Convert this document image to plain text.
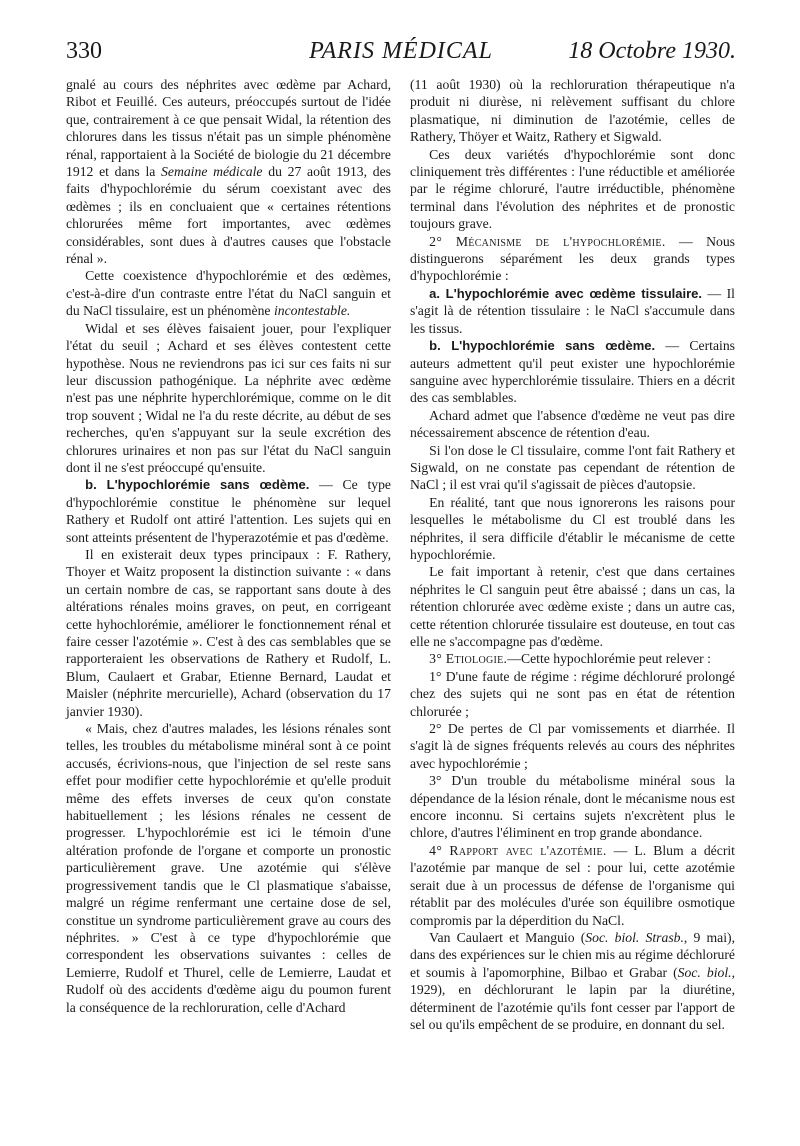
330	PARIS MÉDICAL	18 Octobre 1930.

gnalé au cours des néphrites avec œdème par Achard, Ribot et Feuillé. Ces auteurs, préoccupés surtout de l'idée que, contrairement à ce que pensait Widal, la rétention des chlorures dans les tissus n'était pas un simple phénomène rénal, rapportaient à la Société de biologie du 21 décembre 1912 et dans la Semaine médicale du 27 août 1913, des faits d'hypochlorémie du sérum coexistant avec des œdèmes ; ils en concluaient que « certaines rétentions chlorurées même fort importantes, avec œdèmes considérables, sont dues à d'autres causes que l'obstacle rénal ».

Cette coexistence d'hypochlorémie et des œdèmes, c'est-à-dire d'un contraste entre l'état du NaCl sanguin et du NaCl tissulaire, est un phénomène incontestable.

Widal et ses élèves faisaient jouer, pour l'expliquer l'état du seuil ; Achard et ses élèves contestent cette hypothèse. Nous ne reviendrons pas ici sur ces faits ni sur leur discussion pathogénique. La néphrite avec œdème n'est pas une néphrite hyperchlorémique, comme on le dit trop souvent ; Widal ne l'a du reste décrite, au début de ses recherches, qu'en s'appuyant sur la seule excrétion des chlorures urinaires et non pas sur l'état du NaCl sanguin dont il ne s'est préoccupé qu'ensuite.

b. L'hypochlorémie sans œdème. — Ce type d'hypochlorémie constitue le phénomène sur lequel Rathery et Rudolf ont attiré l'attention. Les sujets qui en sont atteints présentent de l'hyperazotémie et pas d'œdème.

Il en existerait deux types principaux : F. Rathery, Thoyer et Waitz proposent la distinction suivante : « dans un certain nombre de cas, se rapportant sans doute à des altérations rénales moins graves, on peut, en corrigeant cette hyhochlorémie, améliorer le fonctionnement rénal et faire cesser l'azotémie ». C'est à des cas semblables que se rapporteraient les observations de Rathery et Rudolf, L. Blum, Caulaert et Grabar, Etienne Bernard, Laudat et Maisler (néphrite mercurielle), Achard (observation du 17 janvier 1930).

« Mais, chez d'autres malades, les lésions rénales sont telles, les troubles du métabolisme minéral sont à ce point accusés, écrivions-nous, que l'injection de sel reste sans effet pour modifier cette hypochlorémie et qu'elle produit même des effets inverses de ceux qu'on constate habituellement ; les lésions rénales ne cessent de progresser. L'hypochlorémie est ici le témoin d'une altération profonde de l'organe et comporte un pronostic particulièrement grave. Une azotémie qui s'élève progressivement tandis que le Cl plasmatique s'abaisse, malgré un régime renfermant une certaine dose de sel, constitue un syndrome particulièrement grave au cours des néphrites. » C'est à ce type d'hypochlorémie que correspondent les observations suivantes : celles de Lemierre, Rudolf et Thurel, celle de Lemierre, Laudat et Rudolf où des accidents d'œdème aigu du poumon furent la conséquence de la rechloruration, celle d'Achard

(11 août 1930) où la rechloruration thérapeutique n'a produit ni diurèse, ni relèvement suffisant du chlore plasmatique, ni diminution de l'azotémie, celles de Rathery, Thöyer et Waitz, Rathery et Sigwald.

Ces deux variétés d'hypochlorémie sont donc cliniquement très différentes : l'une réductible et améliorée par le régime chloruré, l'autre irréductible, phénomène terminal dans l'évolution des néphrites et de pronostic toujours grave.

2° Mécanisme de l'hypochlorémie. — Nous distinguerons séparément les deux grands types d'hypochlorémie :

a. L'hypochlorémie avec œdème tissulaire. — Il s'agit là de rétention tissulaire : le NaCl s'accumule dans les tissus.

b. L'hypochlorémie sans œdème. — Certains auteurs admettent qu'il peut exister une hypochlorémie sanguine avec hyperchlorémie tissulaire. Thiers en a décrit des cas semblables.

Achard admet que l'absence d'œdème ne veut pas dire nécessairement abscence de rétention d'eau.

Si l'on dose le Cl tissulaire, comme l'ont fait Rathery et Sigwald, on ne constate pas cependant de rétention de NaCl ; il est vrai qu'il s'agissait de pièces d'autopsie.

En réalité, tant que nous ignorerons les raisons pour lesquelles le métabolisme du Cl est troublé dans les néphrites, il sera difficile d'établir le mécanisme de cette hypochlorémie.

Le fait important à retenir, c'est que dans certaines néphrites le Cl sanguin peut être abaissé ; dans un cas, la rétention chlorurée avec œdème existe ; dans un autre cas, cette rétention chlorurée tissulaire est douteuse, en tout cas elle ne s'accompagne pas d'œdème.

3° Etiologie.—Cette hypochlorémie peut relever :

1° D'une faute de régime : régime déchloruré prolongé chez des sujets qui ne sont pas en état de rétention chlorurée ;

2° De pertes de Cl par vomissements et diarrhée. Il s'agit là de signes fréquents relevés au cours des néphrites avec hypochlorémie ;

3° D'un trouble du métabolisme minéral sous la dépendance de la lésion rénale, dont le mécanisme nous est encore inconnu. Si certains sujets n'excrètent plus le chlore, d'autres l'éliminent en trop grande abondance.

4° Rapport avec l'azotémie. — L. Blum a décrit l'azotémie par manque de sel : pour lui, cette azotémie serait due à un processus de défense de l'organisme qui rétablit par des molécules d'urée son équilibre osmotique compromis par la déperdition du NaCl.

Van Caulaert et Manguio (Soc. biol. Strasb., 9 mai), dans des expériences sur le chien mis au régime déchloruré et soumis à l'apomorphine, Bilbao et Grabar (Soc. biol., 1929), en déchlorurant le lapin par la diurétine, déterminent de l'azotémie qu'ils font cesser par l'apport de sel ou qu'ils empêchent de se produire, en donnant du sel.
